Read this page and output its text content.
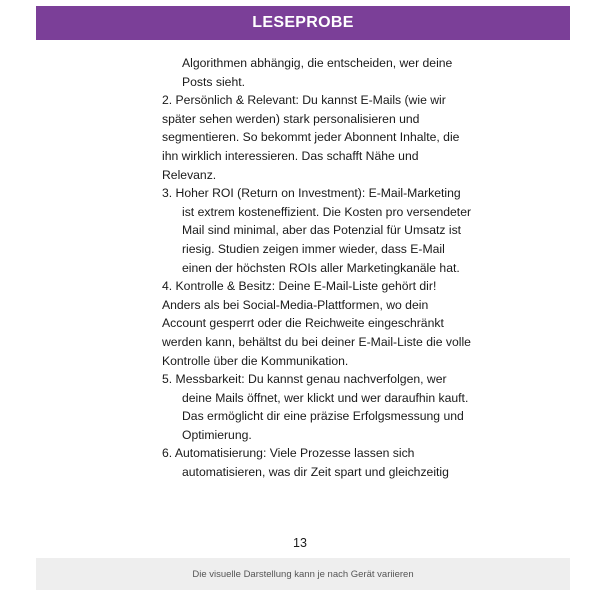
LESEPROBE

Algorithmen abhängig, die entscheiden, wer deine Posts sieht.

2. Persönlich & Relevant: Du kannst E-Mails (wie wir später sehen werden) stark personalisieren und segmentieren. So bekommt jeder Abonnent Inhalte, die ihn wirklich interessieren. Das schafft Nähe und Relevanz.

3. Hoher ROI (Return on Investment): E-Mail-Marketing ist extrem kosteneffizient. Die Kosten pro versendeter Mail sind minimal, aber das Potenzial für Umsatz ist riesig. Studien zeigen immer wieder, dass E-Mail einen der höchsten ROIs aller Marketingkanäle hat.

4. Kontrolle & Besitz: Deine E-Mail-Liste gehört dir! Anders als bei Social-Media-Plattformen, wo dein Account gesperrt oder die Reichweite eingeschränkt werden kann, behältst du bei deiner E-Mail-Liste die volle Kontrolle über die Kommunikation.

5. Messbarkeit: Du kannst genau nachverfolgen, wer deine Mails öffnet, wer klickt und wer daraufhin kauft. Das ermöglicht dir eine präzise Erfolgsmessung und Optimierung.

6. Automatisierung: Viele Prozesse lassen sich automatisieren, was dir Zeit spart und gleichzeitig

13
Die visuelle Darstellung kann je nach Gerät variieren
